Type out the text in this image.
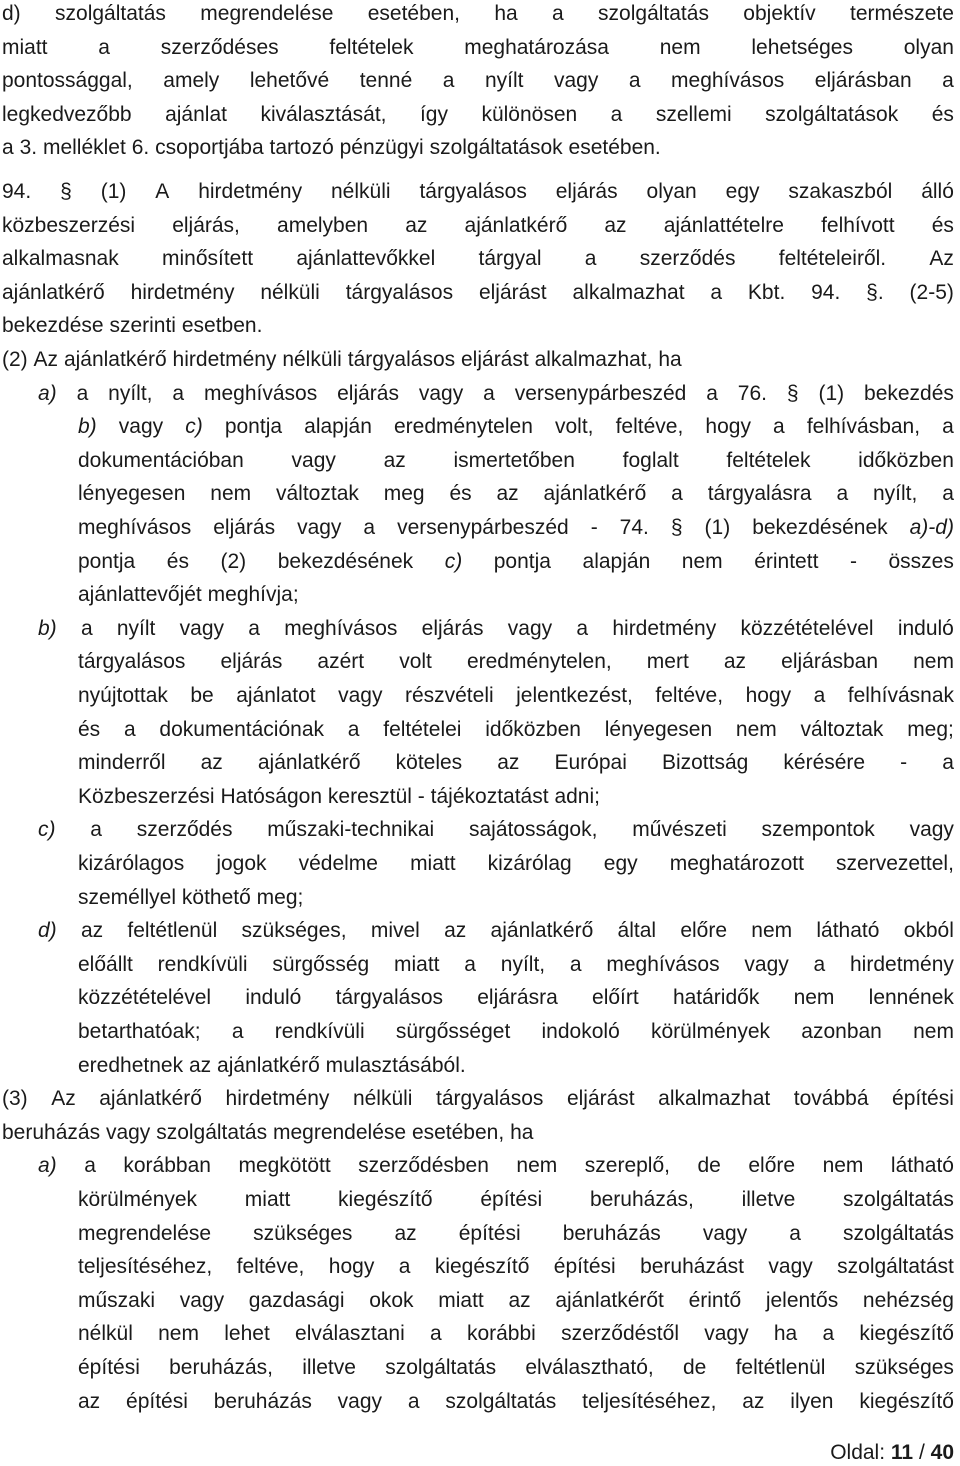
d) szolgáltatás megrendelése esetében, ha a szolgáltatás objektív természete
miatt a szerződéses feltételek meghatározása nem lehetséges olyan
pontossággal, amely lehetővé tenné a nyílt vagy a meghívásos eljárásban a
legkedvezőbb ajánlat kiválasztását, így különösen a szellemi szolgáltatások és
a 3. melléklet 6. csoportjába tartozó pénzügyi szolgáltatások esetében.
94. § (1) A hirdetmény nélküli tárgyalásos eljárás olyan egy szakaszból álló
közbeszerzési eljárás, amelyben az ajánlatkérő az ajánlattételre felhívott és
alkalmasnak minősített ajánlattevőkkel tárgyal a szerződés feltételeiről. Az
ajánlatkérő hirdetmény nélküli tárgyalásos eljárást alkalmazhat a Kbt. 94. §. (2-5)
bekezdése szerinti esetben.
(2) Az ajánlatkérő hirdetmény nélküli tárgyalásos eljárást alkalmazhat, ha
a) a nyílt, a meghívásos eljárás vagy a versenypárbeszéd a 76. § (1) bekezdés
b) vagy c) pontja alapján eredménytelen volt, feltéve, hogy a felhívásban, a
dokumentációban vagy az ismertetőben foglalt feltételek időközben
lényegesen nem változtak meg és az ajánlatkérő a tárgyalásra a nyílt, a
meghívásos eljárás vagy a versenypárbeszéd - 74. § (1) bekezdésének a)-d)
pontja és (2) bekezdésének c) pontja alapján nem érintett - összes
ajánlattevőjét meghívja;
b) a nyílt vagy a meghívásos eljárás vagy a hirdetmény közzétételével induló
tárgyalásos eljárás azért volt eredménytelen, mert az eljárásban nem
nyújtottak be ajánlatot vagy részvételi jelentkezést, feltéve, hogy a felhívásnak
és a dokumentációnak a feltételei időközben lényegesen nem változtak meg;
minderről az ajánlatkérő köteles az Európai Bizottság kérésére - a
Közbeszerzési Hatóságon keresztül - tájékoztatást adni;
c) a szerződés műszaki-technikai sajátosságok, művészeti szempontok vagy
kizárólagos jogok védelme miatt kizárólag egy meghatározott szervezettel,
személlyel köthető meg;
d) az feltétlenül szükséges, mivel az ajánlatkérő által előre nem látható okból
előállt rendkívüli sürgősség miatt a nyílt, a meghívásos vagy a hirdetmény
közzétételével induló tárgyalásos eljárásra előírt határidők nem lennének
betarthatóak; a rendkívüli sürgősséget indokoló körülmények azonban nem
eredhetnek az ajánlatkérő mulasztásából.
(3) Az ajánlatkérő hirdetmény nélküli tárgyalásos eljárást alkalmazhat továbbá építési
beruházás vagy szolgáltatás megrendelése esetében, ha
a) a korábban megkötött szerződésben nem szereplő, de előre nem látható
körülmények miatt kiegészítő építési beruházás, illetve szolgáltatás
megrendelése szükséges az építési beruházás vagy a szolgáltatás
teljesítéséhez, feltéve, hogy a kiegészítő építési beruházást vagy szolgáltatást
műszaki vagy gazdasági okok miatt az ajánlatkérőt érintő jelentős nehézség
nélkül nem lehet elválasztani a korábbi szerződéstől vagy ha a kiegészítő
építési beruházás, illetve szolgáltatás elválasztható, de feltétlenül szükséges
az építési beruházás vagy a szolgáltatás teljesítéséhez, az ilyen kiegészítő
Oldal: 11 / 40
